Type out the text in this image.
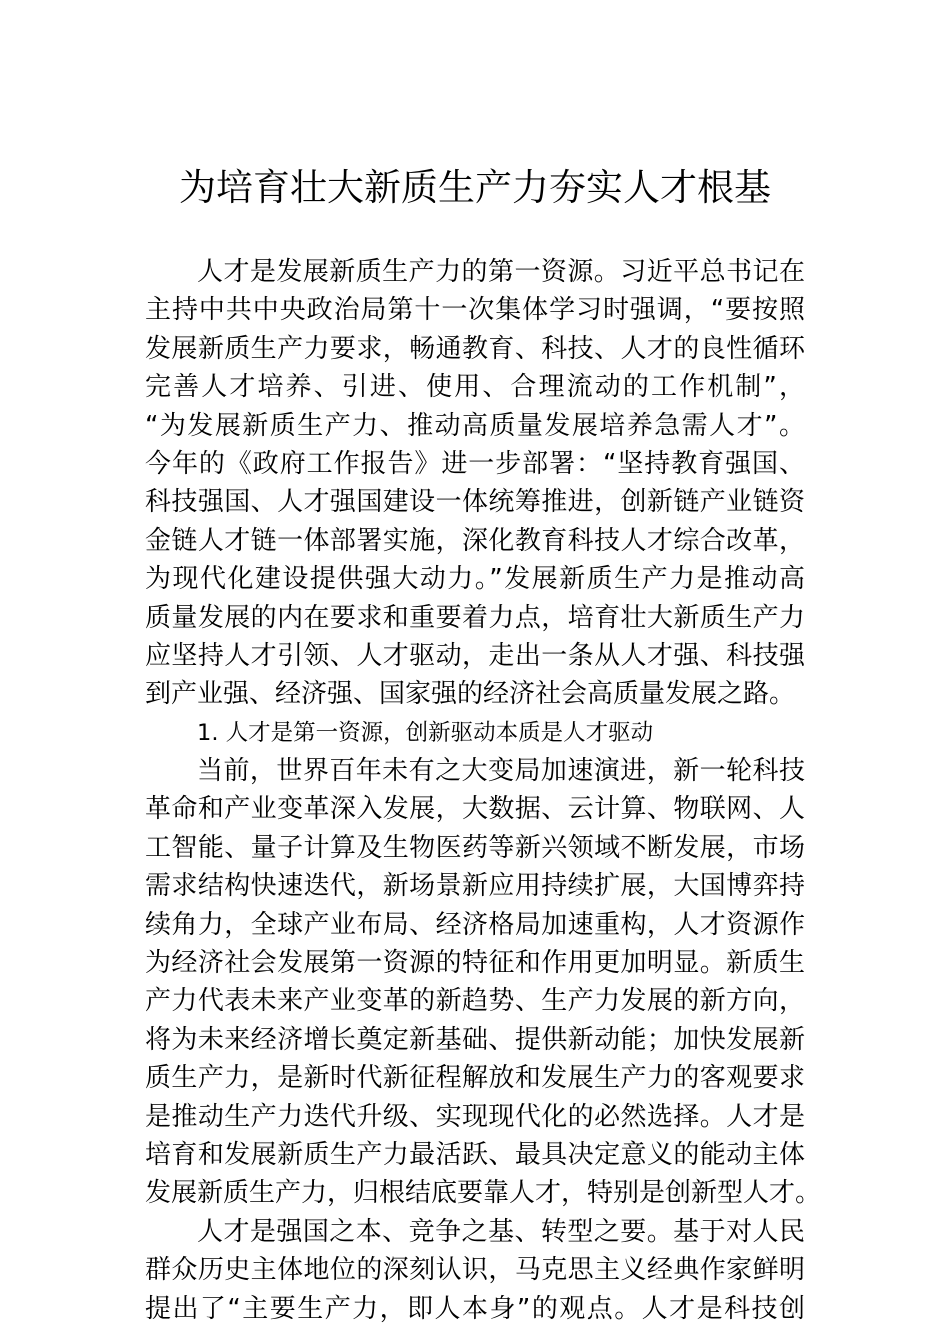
为培育壮大新质生产力夯实人才根基
人才是发展新质生产力的第一资源。习近平总书记在
主持中共中央政治局第十一次集体学习时强调，“要按照
发展新质生产力要求，畅通教育、科技、人才的良性循环
完善人才培养、引进、使用、合理流动的工作机制”，
“为发展新质生产力、推动高质量发展培养急需人才”。
今年的《政府工作报告》进一步部署：“坚持教育强国、
科技强国、人才强国建设一体统筹推进，创新链产业链资
金链人才链一体部署实施，深化教育科技人才综合改革，
为现代化建设提供强大动力。”发展新质生产力是推动高
质量发展的内在要求和重要着力点，培育壮大新质生产力
应坚持人才引领、人才驱动，走出一条从人才强、科技强
到产业强、经济强、国家强的经济社会高质量发展之路。
1. 人才是第一资源，创新驱动本质是人才驱动
当前，世界百年未有之大变局加速演进，新一轮科技
革命和产业变革深入发展，大数据、云计算、物联网、人
工智能、量子计算及生物医药等新兴领域不断发展，市场
需求结构快速迭代，新场景新应用持续扩展，大国博弈持
续角力，全球产业布局、经济格局加速重构，人才资源作
为经济社会发展第一资源的特征和作用更加明显。新质生
产力代表未来产业变革的新趋势、生产力发展的新方向，
将为未来经济增长奠定新基础、提供新动能；加快发展新
质生产力，是新时代新征程解放和发展生产力的客观要求
是推动生产力迭代升级、实现现代化的必然选择。人才是
培育和发展新质生产力最活跃、最具决定意义的能动主体
发展新质生产力，归根结底要靠人才，特别是创新型人才。
人才是强国之本、竞争之基、转型之要。基于对人民
群众历史主体地位的深刻认识，马克思主义经典作家鲜明
提出了“主要生产力，即人本身”的观点。人才是科技创
